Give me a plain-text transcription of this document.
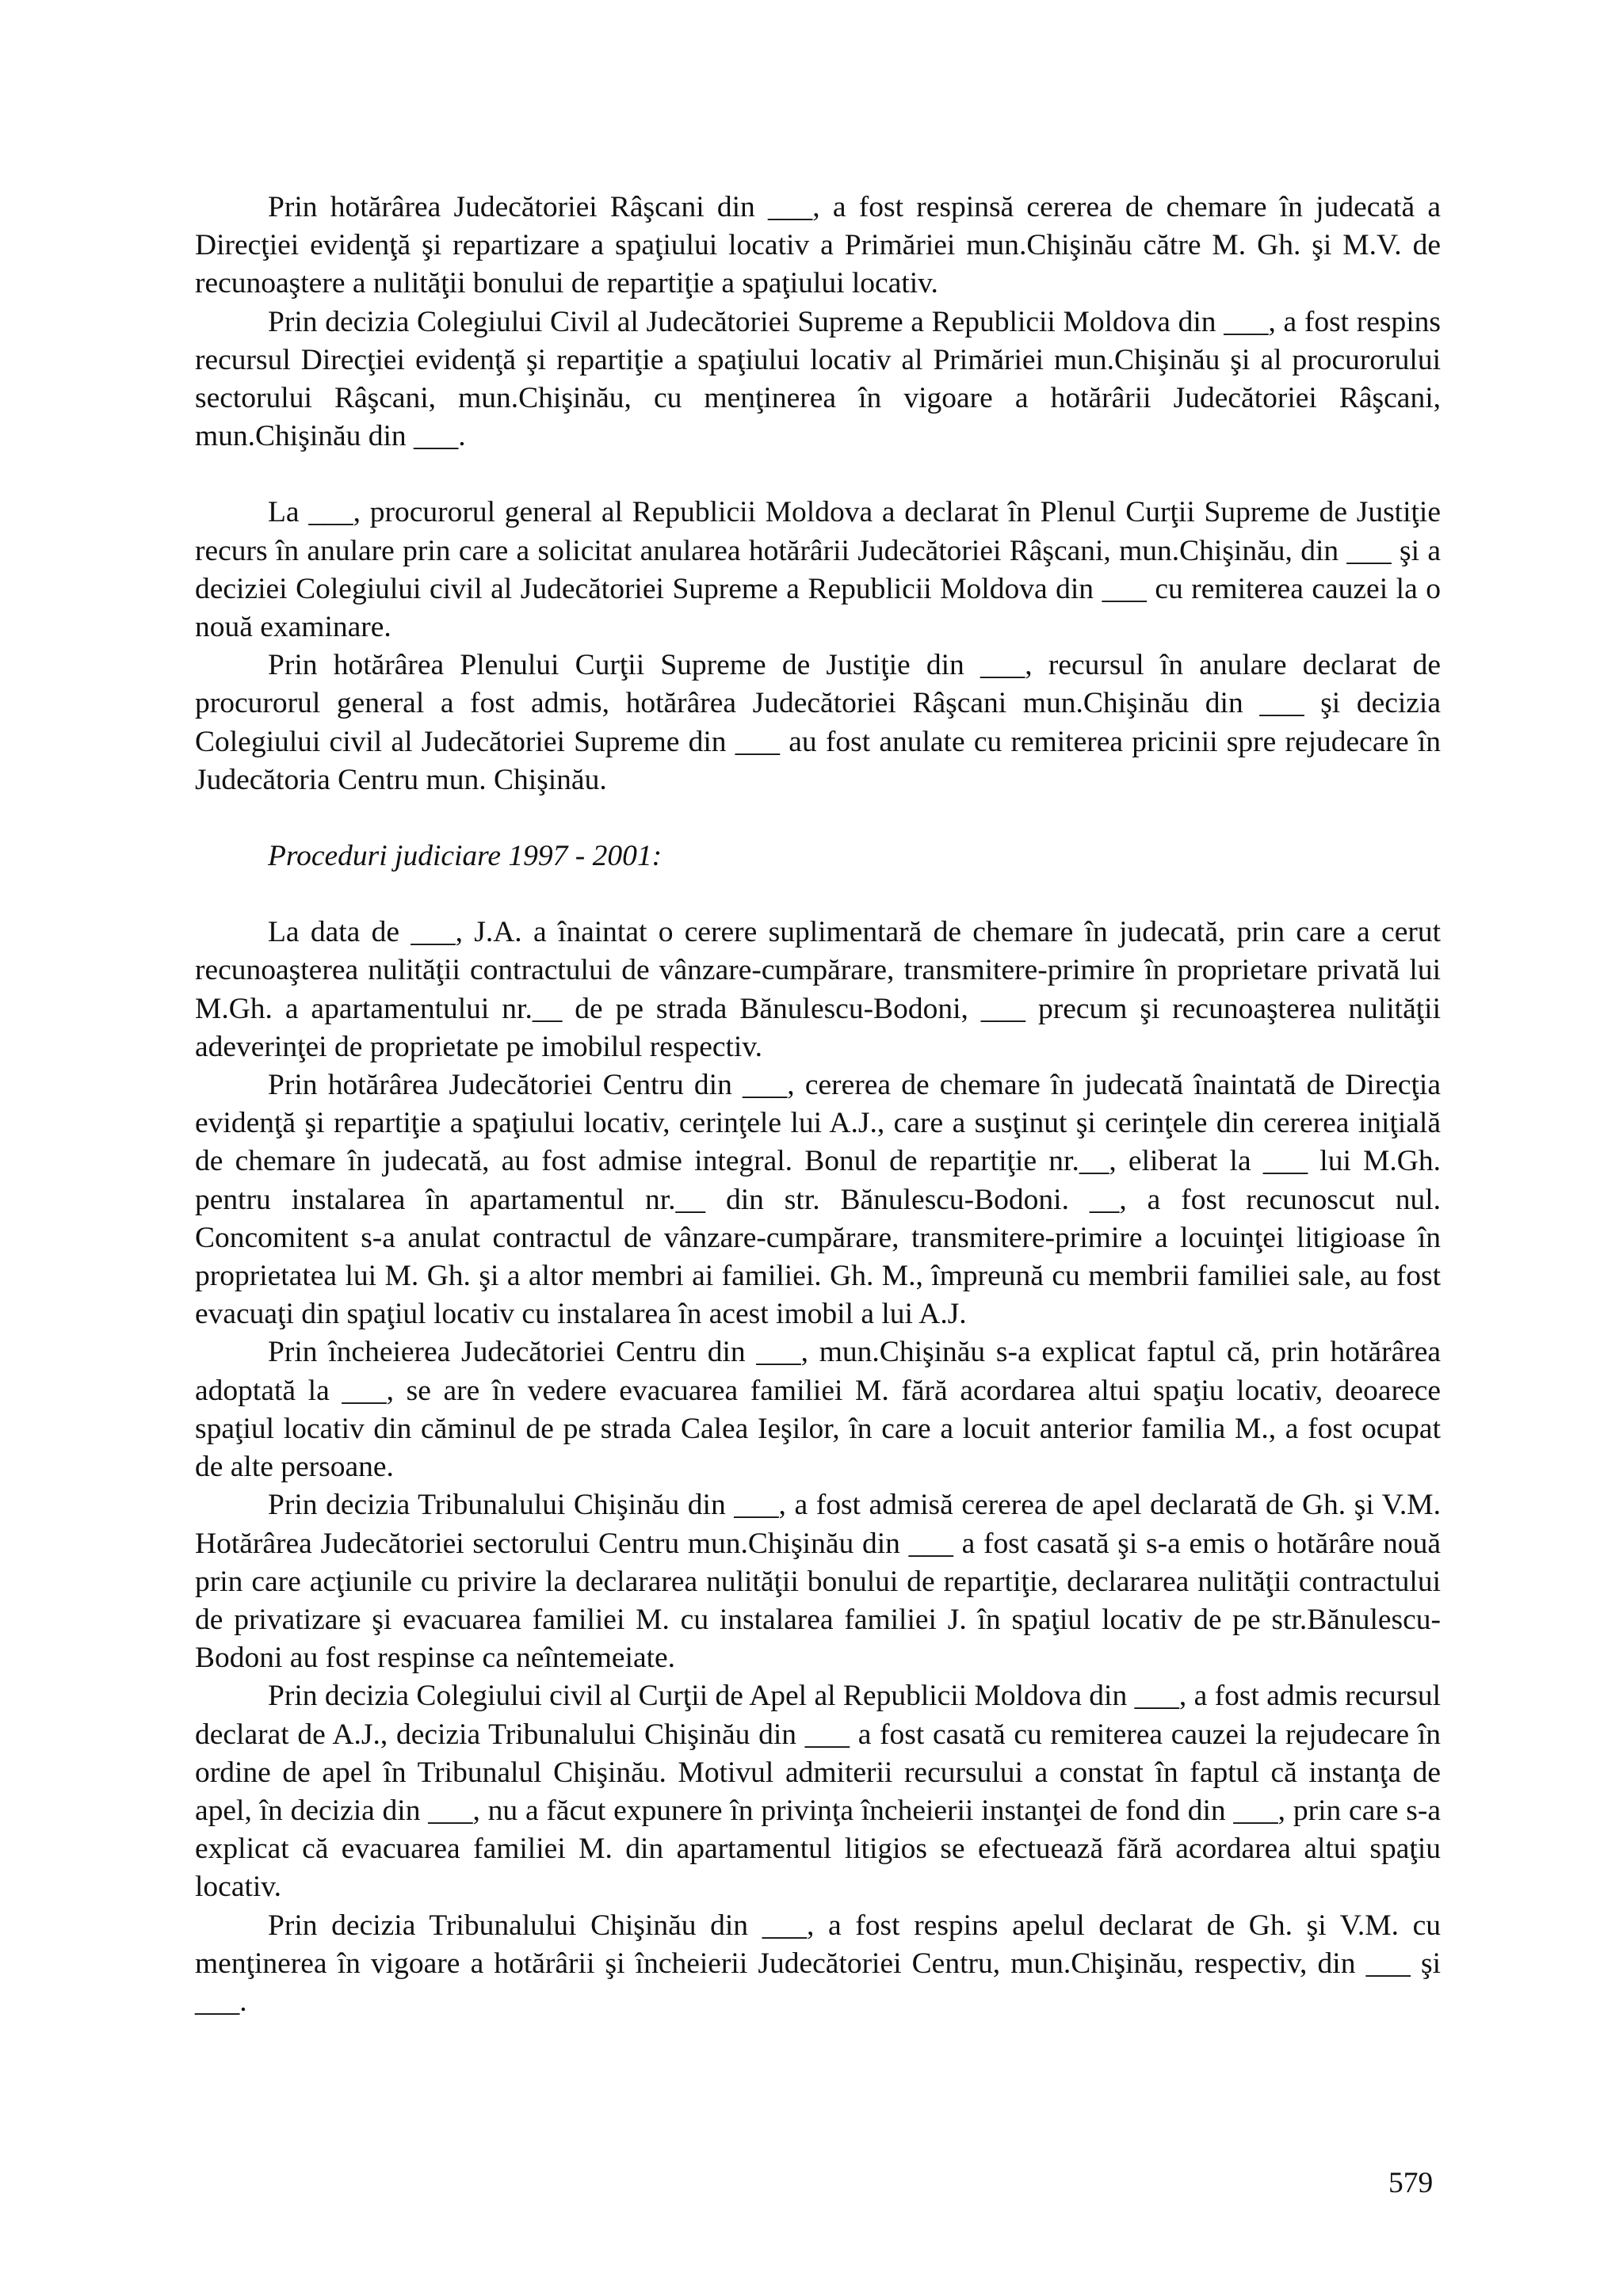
Prin hotărârea Judecătoriei Râşcani din ___, a fost respinsă cererea de chemare în judecată a Direcţiei evidenţă şi repartizare a spaţiului locativ a Primăriei mun.Chişinău către M. Gh. şi M.V. de recunoaştere a nulităţii bonului de repartiţie a spaţiului locativ.

Prin decizia Colegiului Civil al Judecătoriei Supreme a Republicii Moldova din ___, a fost respins recursul Direcţiei evidenţă şi repartiţie a spaţiului locativ al Primăriei mun.Chişinău şi al procurorului sectorului Râşcani, mun.Chişinău, cu menţinerea în vigoare a hotărârii Judecătoriei Râşcani, mun.Chişinău din ___.

La ___, procurorul general al Republicii Moldova a declarat în Plenul Curţii Supreme de Justiţie recurs în anulare prin care a solicitat anularea hotărârii Judecătoriei Râşcani, mun.Chişinău, din ___ şi a deciziei Colegiului civil al Judecătoriei Supreme a Republicii Moldova din ___ cu remiterea cauzei la o nouă examinare.

Prin hotărârea Plenului Curţii Supreme de Justiţie din ___, recursul în anulare declarat de procurorul general a fost admis, hotărârea Judecătoriei Râşcani mun.Chişinău din ___ şi decizia Colegiului civil al Judecătoriei Supreme din ___ au fost anulate cu remiterea pricinii spre rejudecare în Judecătoria Centru mun. Chişinău.

Proceduri judiciare 1997 - 2001:

La data de ___, J.A. a înaintat o cerere suplimentară de chemare în judecată, prin care a cerut recunoaşterea nulităţii contractului de vânzare-cumpărare, transmitere-primire în proprietare privată lui M.Gh. a apartamentului nr.__ de pe strada Bănulescu-Bodoni, ___ precum şi recunoaşterea nulităţii adeverinţei de proprietate pe imobilul respectiv.

Prin hotărârea Judecătoriei Centru din ___, cererea de chemare în judecată înaintată de Direcţia evidenţă şi repartiţie a spaţiului locativ, cerinţele lui A.J., care a susţinut şi cerinţele din cererea iniţială de chemare în judecată, au fost admise integral. Bonul de repartiţie nr.__, eliberat la ___ lui M.Gh. pentru instalarea în apartamentul nr.__ din str. Bănulescu-Bodoni. __, a fost recunoscut nul. Concomitent s-a anulat contractul de vânzare-cumpărare, transmitere-primire a locuinţei litigioase în proprietatea lui M. Gh. şi a altor membri ai familiei. Gh. M., împreună cu membrii familiei sale, au fost evacuaţi din spaţiul locativ cu instalarea în acest imobil a lui A.J.

Prin încheierea Judecătoriei Centru din ___, mun.Chişinău s-a explicat faptul că, prin hotărârea adoptată la ___, se are în vedere evacuarea familiei M. fără acordarea altui spaţiu locativ, deoarece spaţiul locativ din căminul de pe strada Calea Ieşilor, în care a locuit anterior familia M., a fost ocupat de alte persoane.

Prin decizia Tribunalului Chişinău din ___, a fost admisă cererea de apel declarată de Gh. şi V.M. Hotărârea Judecătoriei sectorului Centru mun.Chişinău din ___ a fost casată şi s-a emis o hotărâre nouă prin care acţiunile cu privire la declararea nulităţii bonului de repartiţie, declararea nulităţii contractului de privatizare şi evacuarea familiei M. cu instalarea familiei J. în spaţiul locativ de pe str.Bănulescu-Bodoni au fost respinse ca neîntemeiate.

Prin decizia Colegiului civil al Curţii de Apel al Republicii Moldova din ___, a fost admis recursul declarat de A.J., decizia Tribunalului Chişinău din ___ a fost casată cu remiterea cauzei la rejudecare în ordine de apel în Tribunalul Chişinău. Motivul admiterii recursului a constat în faptul că instanţa de apel, în decizia din ___, nu a făcut expunere în privinţa încheierii instanţei de fond din ___, prin care s-a explicat că evacuarea familiei M. din apartamentul litigios se efectuează fără acordarea altui spaţiu locativ.

Prin decizia Tribunalului Chişinău din ___, a fost respins apelul declarat de Gh. şi V.M. cu menţinerea în vigoare a hotărârii şi încheierii Judecătoriei Centru, mun.Chişinău, respectiv, din ___ şi ___.

579
